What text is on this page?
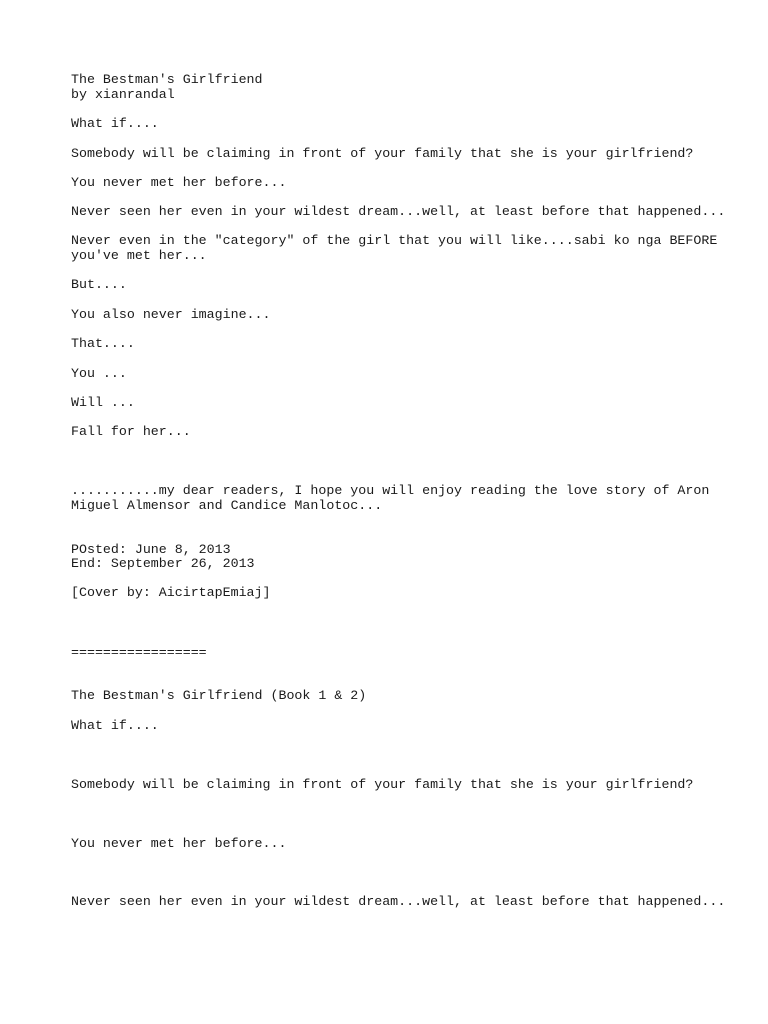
The Bestman's Girlfriend

by xianrandal

What if....

Somebody will be claiming in front of your family that she is your girlfriend?

You never met her before...

Never seen her even in your wildest dream...well, at least before that happened...

Never even in the "category" of the girl that you will like....sabi ko nga BEFORE

you've met her...

But....

You also never imagine...

That....

You ...

Will ...

Fall for her...

...........my dear readers, I hope you will enjoy reading the love story of Aron

Miguel Almensor and Candice Manlotoc...

POsted: June 8, 2013

End: September 26, 2013

[Cover by: AicirtapEmiaj]

=================

The Bestman's Girlfriend (Book 1 & 2)

What if....

Somebody will be claiming in front of your family that she is your girlfriend?

You never met her before...

Never seen her even in your wildest dream...well, at least before that happened...
